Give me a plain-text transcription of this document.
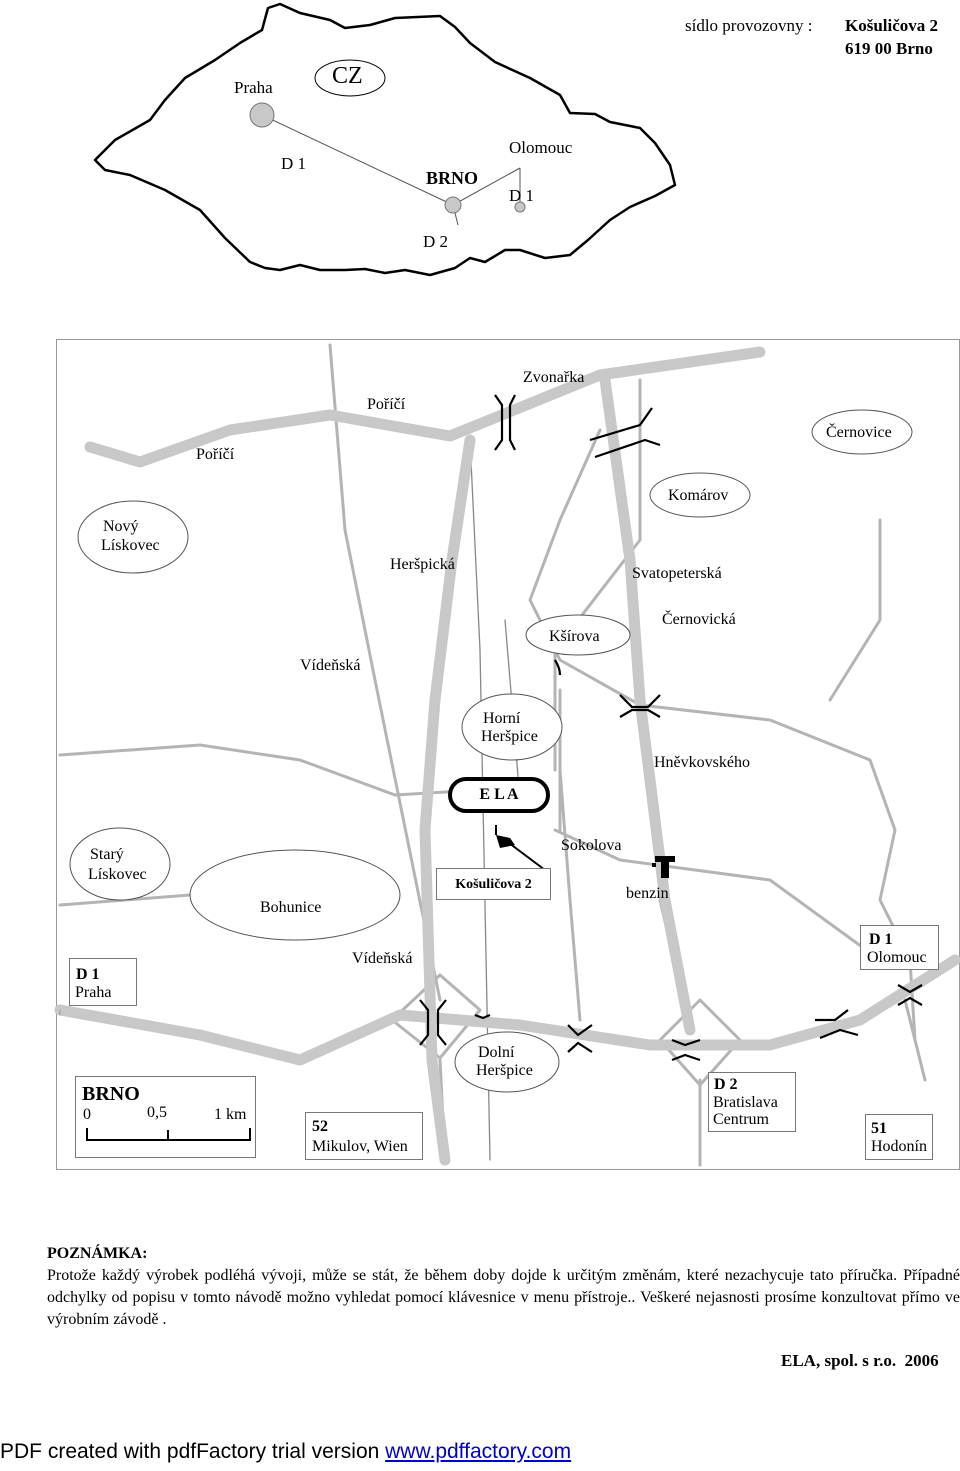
sídlo provozovny : Košuličova 2
619 00 Brno
CZ
Praha
D 1
BRNO
Olomouc
D 1
D 2
Poříčí
Poříčí
Zvonařka
Černovice
Komárov
Nový
Lískovec
Heršpická
Svatopeterská
Kšírova
Černovická
Vídeňská
Horní
Heršpice
Hněvkovského
E L A
Starý
Lískovec
Bohunice
Košuličova 2
Sokolova
benzin
Vídeňská
Dolní
Heršpice
D 1
Olomouc
D 1
Praha
52
Mikulov, Wien
D 2
Bratislava
Centrum
51
Hodonín
BRNO
0	0,5	1 km
POZNÁMKA:
Protože každý výrobek podléhá vývoji, může se stát, že během doby dojde k určitým změnám, které nezachycuje tato příručka. Případné odchylky od popisu v tomto návodě možno vyhledat pomocí klávesnice v menu přístroje.. Veškeré nejasnosti prosíme konzultovat přímo ve výrobním závodě .
ELA, spol. s r.o.  2006
PDF created with pdfFactory trial version www.pdffactory.com
